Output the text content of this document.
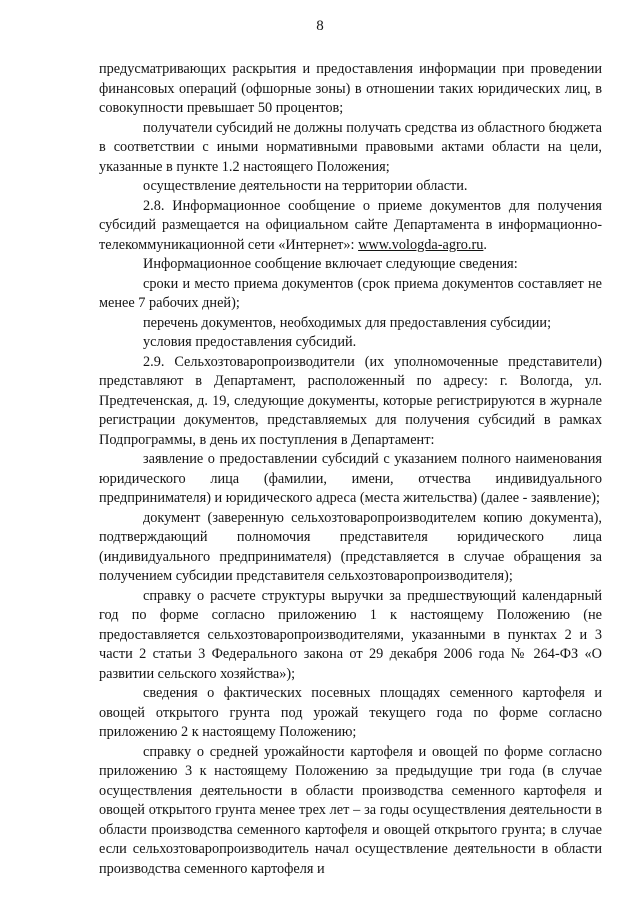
8

предусматривающих раскрытия и предоставления информации при проведении финансовых операций (офшорные зоны) в отношении таких юридических лиц, в совокупности превышает 50 процентов;

получатели субсидий не должны получать средства из областного бюджета в соответствии с иными нормативными правовыми актами области на цели, указанные в пункте 1.2 настоящего Положения;

осуществление деятельности на территории области.

2.8. Информационное сообщение о приеме документов для получения субсидий размещается на официальном сайте Департамента в информационно-телекоммуникационной сети «Интернет»: www.vologda-agro.ru.

Информационное сообщение включает следующие сведения:

сроки и место приема документов (срок приема документов составляет не менее 7 рабочих дней);

перечень документов, необходимых для предоставления субсидии;

условия предоставления субсидий.

2.9. Сельхозтоваропроизводители (их уполномоченные представители) представляют в Департамент, расположенный по адресу: г. Вологда, ул. Предтеченская, д. 19, следующие документы, которые регистрируются в журнале регистрации документов, представляемых для получения субсидий в рамках Подпрограммы, в день их поступления в Департамент:

заявление о предоставлении субсидий с указанием полного наименования юридического лица (фамилии, имени, отчества индивидуального предпринимателя) и юридического адреса (места жительства) (далее - заявление);

документ (заверенную сельхозтоваропроизводителем копию документа), подтверждающий полномочия представителя юридического лица (индивидуального предпринимателя) (представляется в случае обращения за получением субсидии представителя сельхозтоваропроизводителя);

справку о расчете структуры выручки за предшествующий календарный год по форме согласно приложению 1 к настоящему Положению (не предоставляется сельхозтоваропроизводителями, указанными в пунктах 2 и 3 части 2 статьи 3 Федерального закона от 29 декабря 2006 года № 264-ФЗ «О развитии сельского хозяйства»);

сведения о фактических посевных площадях семенного картофеля и овощей открытого грунта под урожай текущего года по форме согласно приложению 2 к настоящему Положению;

справку о средней урожайности картофеля и овощей по форме согласно приложению 3 к настоящему Положению за предыдущие три года (в случае осуществления деятельности в области производства семенного картофеля и овощей открытого грунта менее трех лет – за годы осуществления деятельности в области производства семенного картофеля и овощей открытого грунта; в случае если сельхозтоваропроизводитель начал осуществление деятельности в области производства семенного картофеля и
